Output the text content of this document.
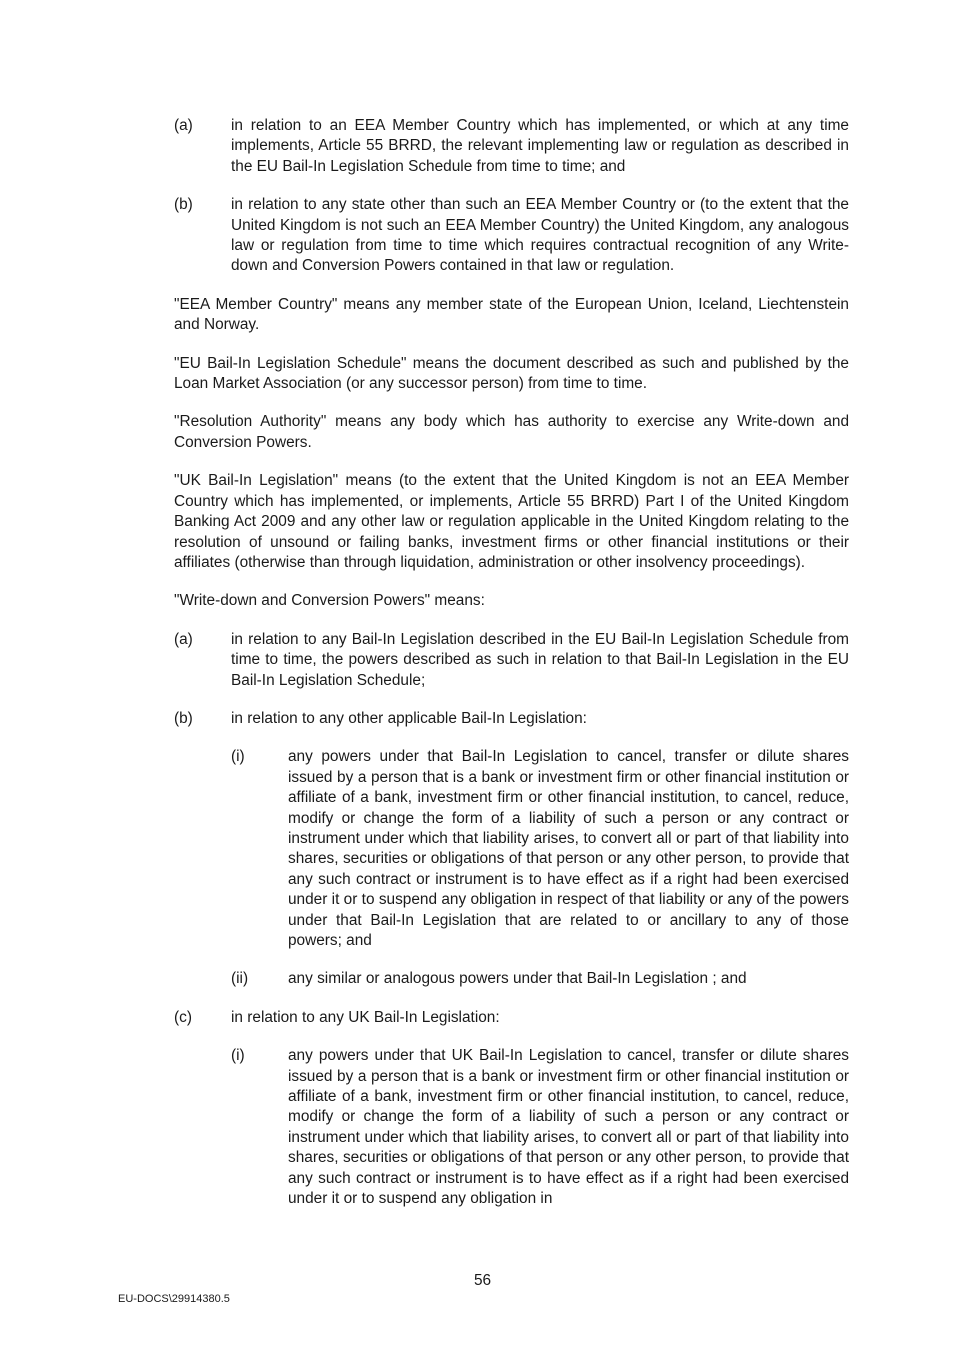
(a)	in relation to an EEA Member Country which has implemented, or which at any time implements, Article 55 BRRD, the relevant implementing law or regulation as described in the EU Bail-In Legislation Schedule from time to time; and
(b)	in relation to any state other than such an EEA Member Country or (to the extent that the United Kingdom is not such an EEA Member Country) the United Kingdom, any analogous law or regulation from time to time which requires contractual recognition of any Write-down and Conversion Powers contained in that law or regulation.
"EEA Member Country" means any member state of the European Union, Iceland, Liechtenstein and Norway.
"EU Bail-In Legislation Schedule" means the document described as such and published by the Loan Market Association (or any successor person) from time to time.
"Resolution Authority" means any body which has authority to exercise any Write-down and Conversion Powers.
"UK Bail-In Legislation" means (to the extent that the United Kingdom is not an EEA Member Country which has implemented, or implements, Article 55 BRRD) Part I of the United Kingdom Banking Act 2009 and any other law or regulation applicable in the United Kingdom relating to the resolution of unsound or failing banks, investment firms or other financial institutions or their affiliates (otherwise than through liquidation, administration or other insolvency proceedings).
"Write-down and Conversion Powers" means:
(a)	in relation to any Bail-In Legislation described in the EU Bail-In Legislation Schedule from time to time, the powers described as such in relation to that Bail-In Legislation in the EU Bail-In Legislation Schedule;
(b)	in relation to any other applicable Bail-In Legislation:
(i)	any powers under that Bail-In Legislation to cancel, transfer or dilute shares issued by a person that is a bank or investment firm or other financial institution or affiliate of a bank, investment firm or other financial institution, to cancel, reduce, modify or change the form of a liability of such a person or any contract or instrument under which that liability arises, to convert all or part of that liability into shares, securities or obligations of that person or any other person, to provide that any such contract or instrument is to have effect as if a right had been exercised under it or to suspend any obligation in respect of that liability or any of the powers under that Bail-In Legislation that are related to or ancillary to any of those powers; and
(ii)	any similar or analogous powers under that Bail-In Legislation ; and
(c)	in relation to any UK Bail-In Legislation:
(i)	any powers under that UK Bail-In Legislation to cancel, transfer or dilute shares issued by a person that is a bank or investment firm or other financial institution or affiliate of a bank, investment firm or other financial institution, to cancel, reduce, modify or change the form of a liability of such a person or any contract or instrument under which that liability arises, to convert all or part of that liability into shares, securities or obligations of that person or any other person, to provide that any such contract or instrument is to have effect as if a right had been exercised under it or to suspend any obligation in
56
EU-DOCS\29914380.5
